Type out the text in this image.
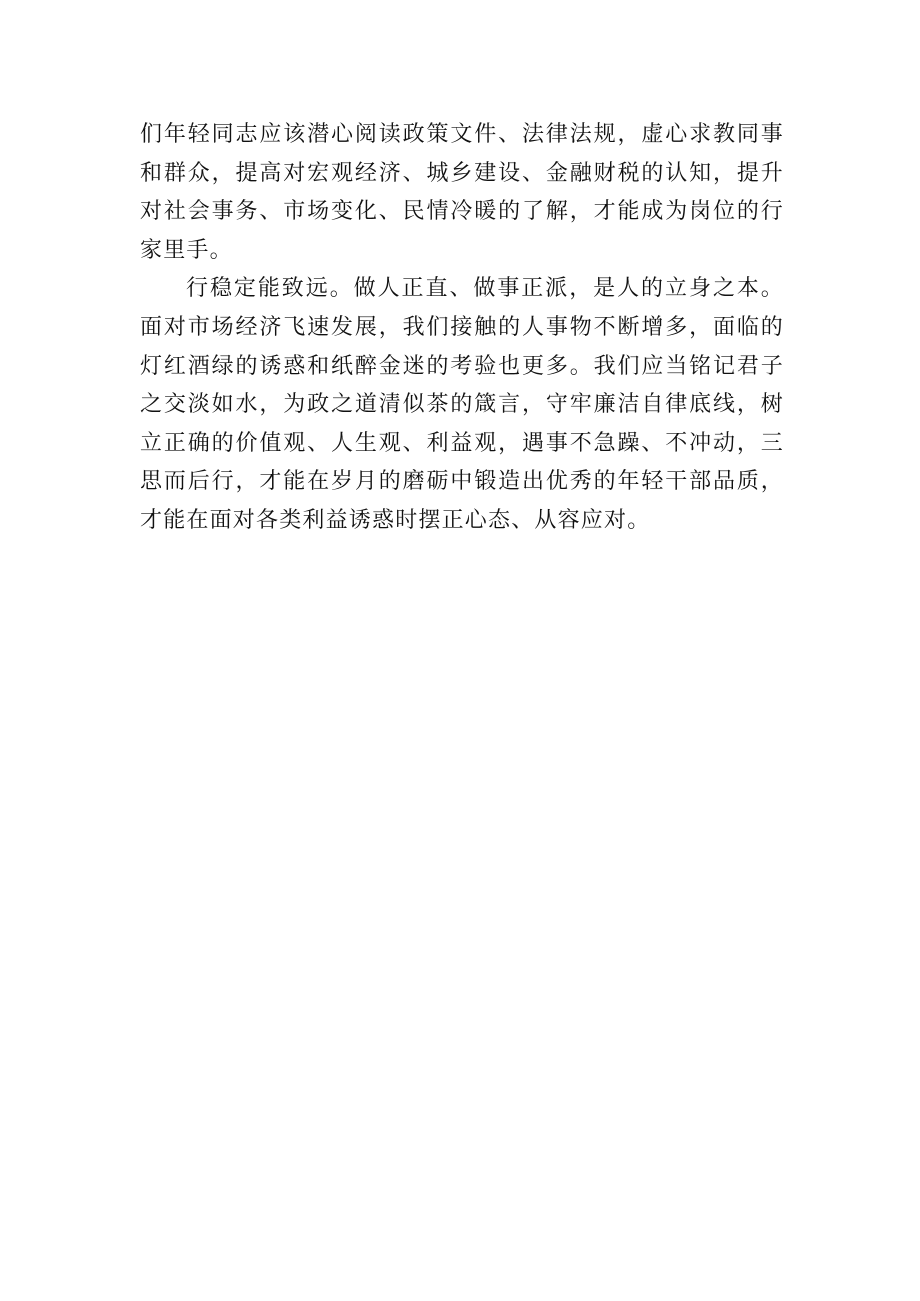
们年轻同志应该潜心阅读政策文件、法律法规，虚心求教同事和群众，提高对宏观经济、城乡建设、金融财税的认知，提升对社会事务、市场变化、民情冷暖的了解，才能成为岗位的行家里手。

行稳定能致远。做人正直、做事正派，是人的立身之本。面对市场经济飞速发展，我们接触的人事物不断增多，面临的灯红酒绿的诱惑和纸醉金迷的考验也更多。我们应当铭记君子之交淡如水，为政之道清似茶的箴言，守牢廉洁自律底线，树立正确的价值观、人生观、利益观，遇事不急躁、不冲动，三思而后行，才能在岁月的磨砺中锻造出优秀的年轻干部品质，才能在面对各类利益诱惑时摆正心态、从容应对。
